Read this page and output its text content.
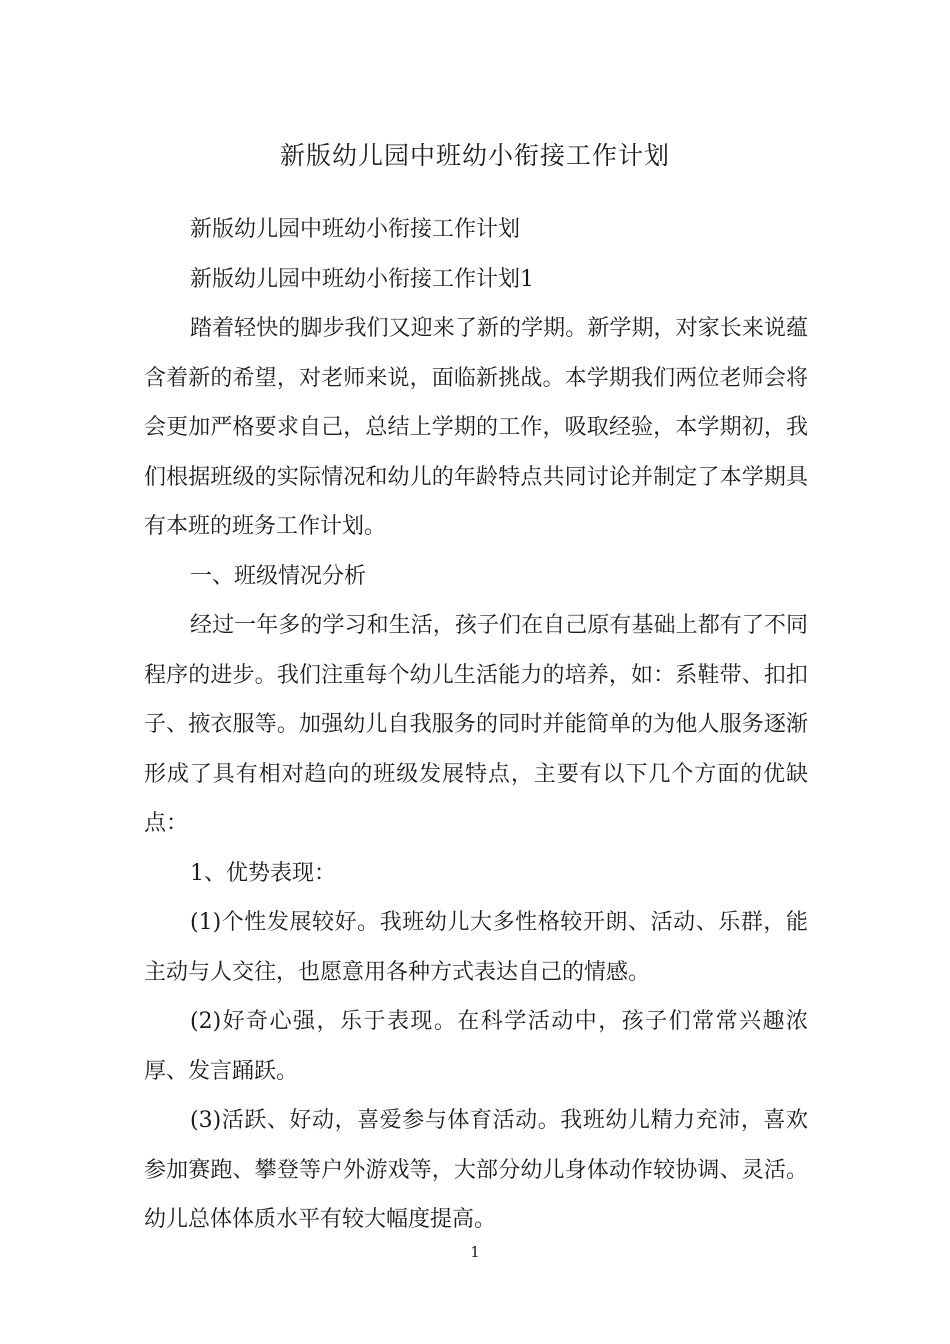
新版幼儿园中班幼小衔接工作计划

新版幼儿园中班幼小衔接工作计划

新版幼儿园中班幼小衔接工作计划1

踏着轻快的脚步我们又迎来了新的学期。新学期，对家长来说蕴含着新的希望，对老师来说，面临新挑战。本学期我们两位老师会将会更加严格要求自己，总结上学期的工作，吸取经验，本学期初，我们根据班级的实际情况和幼儿的年龄特点共同讨论并制定了本学期具有本班的班务工作计划。

一、班级情况分析

经过一年多的学习和生活，孩子们在自己原有基础上都有了不同程序的进步。我们注重每个幼儿生活能力的培养，如：系鞋带、扣扣子、掖衣服等。加强幼儿自我服务的同时并能简单的为他人服务逐渐形成了具有相对趋向的班级发展特点，主要有以下几个方面的优缺点：

1、优势表现：

(1)个性发展较好。我班幼儿大多性格较开朗、活动、乐群，能主动与人交往，也愿意用各种方式表达自己的情感。

(2)好奇心强，乐于表现。在科学活动中，孩子们常常兴趣浓厚、发言踊跃。

(3)活跃、好动，喜爱参与体育活动。我班幼儿精力充沛，喜欢参加赛跑、攀登等户外游戏等，大部分幼儿身体动作较协调、灵活。幼儿总体体质水平有较大幅度提高。

1
